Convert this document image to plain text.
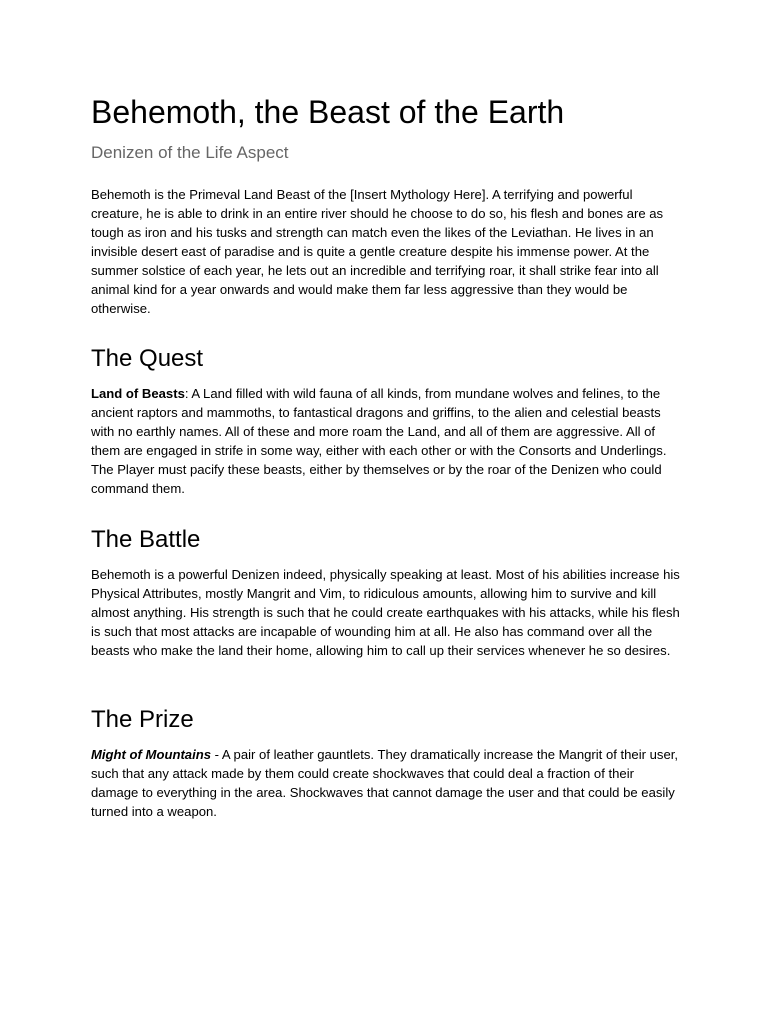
Behemoth, the Beast of the Earth
Denizen of the Life Aspect

Behemoth is the Primeval Land Beast of the [Insert Mythology Here]. A terrifying and powerful creature, he is able to drink in an entire river should he choose to do so, his flesh and bones are as tough as iron and his tusks and strength can match even the likes of the Leviathan. He lives in an invisible desert east of paradise and is quite a gentle creature despite his immense power. At the summer solstice of each year, he lets out an incredible and terrifying roar, it shall strike fear into all animal kind for a year onwards and would make them far less aggressive than they would be otherwise.

The Quest

Land of Beasts: A Land filled with wild fauna of all kinds, from mundane wolves and felines, to the ancient raptors and mammoths, to fantastical dragons and griffins, to the alien and celestial beasts with no earthly names. All of these and more roam the Land, and all of them are aggressive. All of them are engaged in strife in some way, either with each other or with the Consorts and Underlings. The Player must pacify these beasts, either by themselves or by the roar of the Denizen who could command them.

The Battle

Behemoth is a powerful Denizen indeed, physically speaking at least. Most of his abilities increase his Physical Attributes, mostly Mangrit and Vim, to ridiculous amounts, allowing him to survive and kill almost anything. His strength is such that he could create earthquakes with his attacks, while his flesh is such that most attacks are incapable of wounding him at all. He also has command over all the beasts who make the land their home, allowing him to call up their services whenever he so desires.

The Prize

Might of Mountains - A pair of leather gauntlets. They dramatically increase the Mangrit of their user, such that any attack made by them could create shockwaves that could deal a fraction of their damage to everything in the area. Shockwaves that cannot damage the user and that could be easily turned into a weapon.
